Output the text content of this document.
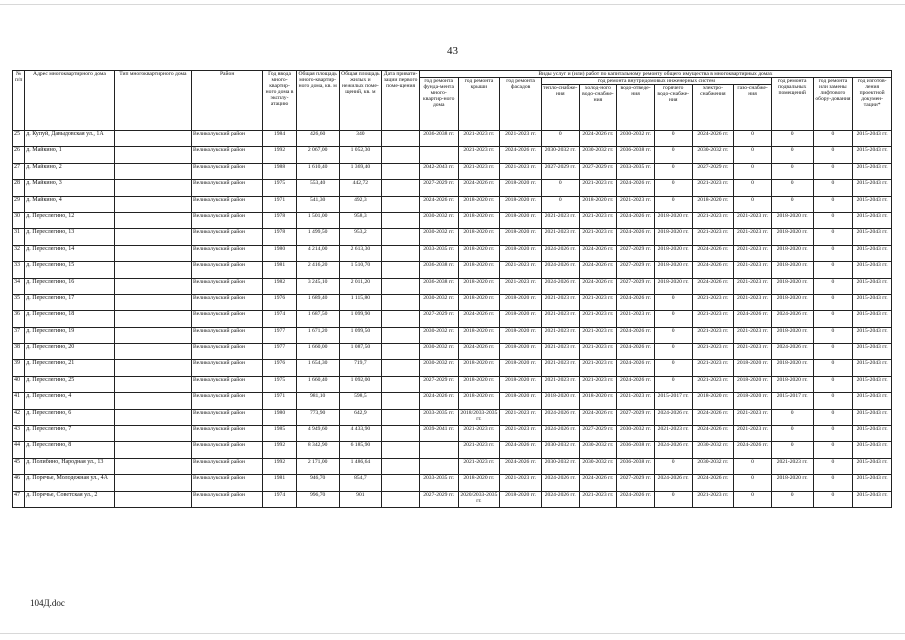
43
№ п/п	Адрес многоквартирного дома	Тип многоквартирного дома	Район	Год ввода много-квартир-ного дома в эксплу-атацию	Общая площадь много-квартир-ного дома, кв. м	Общая площадь жилых и нежилых поме-щений, кв. м	Дата привати-зации первого поме-щения	Виды услуг и (или) работ по капитальному ремонту общего имущества в многоквартирных домах											
								год ремонта фунда-мента много-квартир-ного дома	год ремонта крыши	год ремонта фасадов	год ремонта внутридомовых инженерных систем						год ремонта подвальных помещений	год ремонта или замены лифтового обору-дования	год изготов-ления проектной докумен-тации*
											тепло-снабже-ния	холод-ного водо-снабже-ния	водо-отведе-ния	горячего водо-снабже-ния	электро-снабжения	газо-снабже-ния			
25	д. Купуй, Давыдовская ул., 1А		Великолукский район	1984	426,60	340		2036-2038 гг.	2021-2023 гг.	2021-2023 гг.	0	2024-2026 гг.	2030-2032 гг.	0	2024-2026 гг.	0	0	0	2015-2043 гг.
26	д. Майкино, 1		Великолукский район	1992	2 067,00	1 052,30			2021-2023 гг.	2024-2026 гг.	2030-2032 гг.	2030-2032 гг.	2036-2038 гг.	0	2030-2032 гг.	0	0	0	2015-2043 гг.
27	д. Майкино, 2		Великолукский район	1988	1 610,40	1 369,40		2042-2043 гг.	2021-2023 гг.	2021-2023 гг.	2027-2029 гг.	2027-2029 гг.	2033-2035 гг.	0	2027-2029 гг.	0	0	0	2015-2043 гг.
28	д. Майкино, 3		Великолукский район	1975	553,40	442,72		2027-2029 гг.	2024-2026 гг.	2018-2020 гг.	0	2021-2023 гг.	2024-2026 гг.	0	2021-2023 гг.	0	0	0	2015-2043 гг.
29	д. Майкино, 4		Великолукский район	1971	541,30	492,3		2024-2026 гг.	2018-2020 гг.	2018-2020 гг.	0	2018-2020 гг.	2021-2023 гг.	0	2018-2020 гг.	0	0	0	2015-2043 гг.
30	д. Переслегино, 12		Великолукский район	1978	1 501,00	958,3		2030-2032 гг.	2018-2020 гг.	2018-2020 гг.	2021-2023 гг.	2021-2023 гг.	2024-2026 гг.	2018-2020 гг.	2021-2023 гг.	2021-2023 гг.	2018-2020 гг.	0	2015-2043 гг.
31	д. Переслегино, 13		Великолукский район	1978	1 499,50	953,2		2030-2032 гг.	2018-2020 гг.	2018-2020 гг.	2021-2023 гг.	2021-2023 гг.	2024-2026 гг.	2018-2020 гг.	2021-2023 гг.	2021-2023 гг.	2018-2020 гг.	0	2015-2043 гг.
32	д. Переслегино, 14		Великолукский район	1980	4 214,00	2 613,30		2033-2035 гг.	2018-2020 гг.	2018-2020 гг.	2024-2026 гг.	2024-2026 гг.	2027-2029 гг.	2018-2020 гг.	2024-2026 гг.	2021-2023 гг.	2018-2020 гг.	0	2015-2043 гг.
33	д. Переслегино, 15		Великолукский район	1981	2 416,20	1 510,70		2036-2038 гг.	2018-2020 гг.	2021-2023 гг.	2024-2026 гг.	2024-2026 гг.	2027-2029 гг.	2018-2020 гг.	2024-2026 гг.	2021-2023 гг.	2018-2020 гг.	0	2015-2043 гг.
34	д. Переслегино, 16		Великолукский район	1982	3 245,10	2 011,20		2036-2038 гг.	2018-2020 гг.	2021-2023 гг.	2024-2026 гг.	2024-2026 гг.	2027-2029 гг.	2018-2020 гг.	2024-2026 гг.	2021-2023 гг.	2018-2020 гг.	0	2015-2043 гг.
35	д. Переслегино, 17		Великолукский район	1976	1 689,40	1 115,80		2030-2032 гг.	2018-2020 гг.	2018-2020 гг.	2021-2023 гг.	2021-2023 гг.	2024-2026 гг.	0	2021-2023 гг.	2021-2023 гг.	2018-2020 гг.	0	2015-2043 гг.
36	д. Переслегино, 18		Великолукский район	1974	1 687,50	1 099,90		2027-2029 гг.	2024-2026 гг.	2018-2020 гг.	2021-2023 гг.	2021-2023 гг.	2021-2023 гг.	0	2021-2023 гг.	2024-2026 гг.	2024-2026 гг.	0	2015-2043 гг.
37	д. Переслегино, 19		Великолукский район	1977	1 671,20	1 099,50		2030-2032 гг.	2018-2020 гг.	2018-2020 гг.	2021-2023 гг.	2021-2023 гг.	2024-2026 гг.	0	2021-2023 гг.	2021-2023 гг.	2018-2020 гг.	0	2015-2043 гг.
38	д. Переслегино, 20		Великолукский район	1977	1 660,00	1 087,50		2030-2032 гг.	2024-2026 гг.	2018-2020 гг.	2021-2023 гг.	2021-2023 гг.	2024-2026 гг.	0	2021-2023 гг.	2021-2023 гг.	2024-2026 гг.	0	2015-2043 гг.
39	д. Переслегино, 21		Великолукский район	1976	1 654,30	719,7		2030-2032 гг.	2018-2020 гг.	2018-2020 гг.	2021-2023 гг.	2021-2023 гг.	2024-2026 гг.	0	2021-2023 гг.	2018-2020 гг.	2018-2020 гг.	0	2015-2043 гг.
40	д. Переслегино, 25		Великолукский район	1975	1 660,40	1 092,00		2027-2029 гг.	2018-2020 гг.	2018-2020 гг.	2021-2023 гг.	2021-2023 гг.	2024-2026 гг.	0	2021-2023 гг.	2018-2020 гг.	2018-2020 гг.	0	2015-2043 гг.
41	д. Переслегино, 4		Великолукский район	1971	981,10	598,5		2024-2026 гг.	2018-2020 гг.	2018-2020 гг.	2018-2020 гг.	2018-2020 гг.	2021-2023 гг.	2015-2017 гг.	2018-2020 гг.	2018-2020 гг.	2015-2017 гг.	0	2015-2043 гг.
42	д. Переслегино, 6		Великолукский район	1980	773,90	642,9		2033-2035 гг.	2018/2033-2035 гг.	2021-2023 гг.	2024-2026 гг.	2024-2026 гг.	2027-2029 гг.	2024-2026 гг.	2024-2026 гг.	2021-2023 гг.	0	0	2015-2043 гг.
43	д. Переслегино, 7		Великолукский район	1985	4 949,60	4 433,90		2039-2041 гг.	2021-2023 гг.	2021-2023 гг.	2024-2026 гг.	2027-2029 гг.	2030-2032 гг.	2021-2023 гг.	2024-2026 гг.	2021-2023 гг.	0	0	2015-2043 гг.
44	д. Переслегино, 8		Великолукский район	1992	8 342,90	6 185,90			2021-2023 гг.	2024-2026 гг.	2030-2032 гг.	2030-2032 гг.	2036-2038 гг.	2024-2026 гг.	2030-2032 гг.	2024-2026 гг.	0	0	2015-2043 гг.
45	д. Полибино, Народная ул., 13		Великолукский район	1992	2 171,00	1 486,64			2021-2023 гг.	2024-2026 гг.	2030-2032 гг.	2030-2032 гг.	2036-2038 гг.	0	2030-2032 гг.	0	2021-2023 гг.	0	2015-2043 гг.
46	д. Поречье, Молодежная ул., 4А		Великолукский район	1981	946,70	854,7		2033-2035 гг.	2018-2020 гг.	2021-2023 гг.	2024-2026 гг.	2024-2026 гг.	2027-2029 гг.	2024-2026 гг.	2024-2026 гг.	0	2018-2020 гг.	0	2015-2043 гг.
47	д. Поречье, Советская ул., 2		Великолукский район	1974	996,70	901		2027-2029 гг.	2020/2033-2035 гг.	2018-2020 гг.	2024-2026 гг.	2021-2023 гг.	2024-2026 гг.	0	2021-2023 гг.	0	0	0	2015-2043 гг.
104Д.doc
